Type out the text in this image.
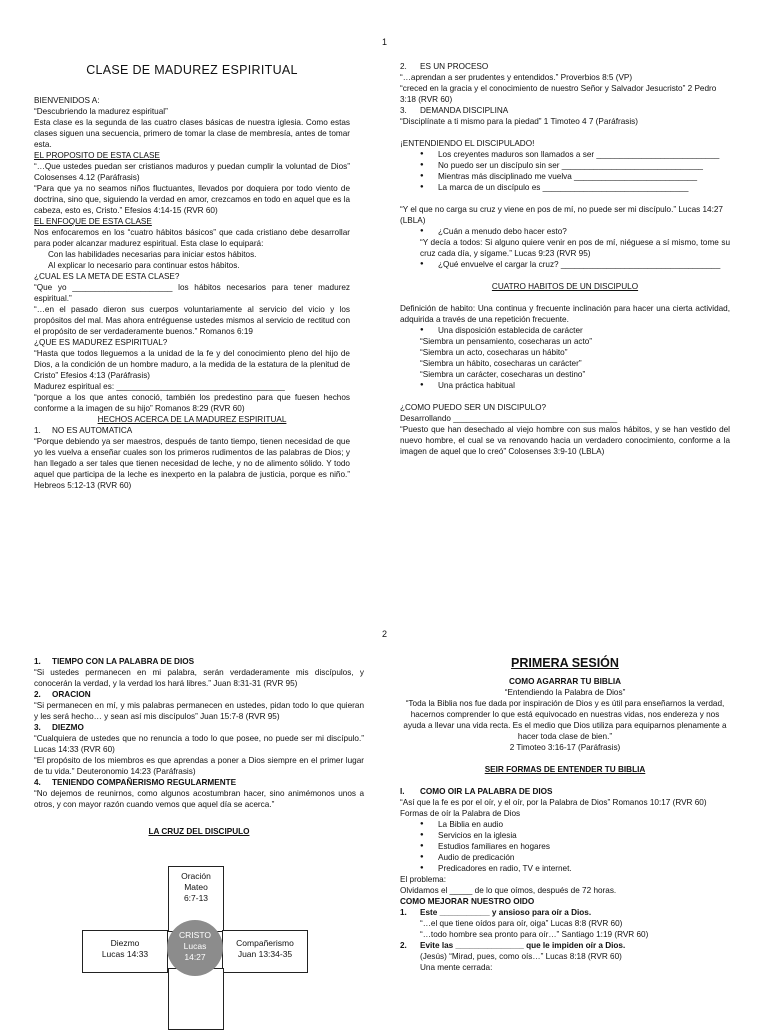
1

CLASE DE MADUREZ ESPIRITUAL

BIENVENIDOS A:

“Descubriendo la madurez espiritual”

Esta clase es la segunda de las cuatro clases básicas de nuestra iglesia. Como estas clases siguen una secuencia, primero de tomar la clase de membresía, antes de tomar esta.

EL PROPOSITO DE ESTA CLASE

“…Que ustedes puedan ser cristianos maduros y puedan cumplir la voluntad de Dios” Colosenses 4.12 (Paráfrasis)

“Para que ya no seamos niños fluctuantes, llevados por doquiera por todo viento de doctrina, sino que, siguiendo la verdad en amor, crezcamos en todo en aquel que es la cabeza, esto es, Cristo.” Efesios 4:14-15 (RVR 60)

EL ENFOQUE DE ESTA CLASE

Nos enfocaremos en los “cuatro hábitos básicos” que cada cristiano debe desarrollar para poder alcanzar madurez espiritual. Esta clase lo equipará:

Con las habilidades necesarias para iniciar estos hábitos.

Al explicar lo necesario para continuar estos hábitos.

¿CUAL ES LA META DE ESTA CLASE?

“Que yo ______________________ los hábitos necesarios para tener madurez espiritual.”

“…en el pasado dieron sus cuerpos voluntariamente al servicio del vicio y los propósitos del mal. Mas ahora entréguense ustedes mismos al servicio de rectitud con el propósito de ser verdaderamente buenos.” Romanos 6:19

¿QUE ES MADUREZ ESPIRITUAL?

“Hasta que todos lleguemos a la unidad de la fe y del conocimiento pleno del hijo de Dios, a la condición de un hombre maduro, a la medida de la estatura de la plenitud de Cristo” Efesios 4:13 (Paráfrasis)

Madurez espiritual es: _____________________________________

“porque a los que antes conoció, también los predestino para que fuesen hechos conforme a la imagen de su hijo” Romanos 8:29 (RVR 60)

HECHOS ACERCA DE LA MADUREZ ESPIRITUAL

1. NO ES AUTOMATICA

“Porque debiendo ya ser maestros, después de tanto tiempo, tienen necesidad de que yo les vuelva a enseñar cuales son los primeros rudimentos de las palabras de Dios; y han llegado a ser tales que tienen necesidad de leche, y no de alimento sólido. Y todo aquel que participa de la leche es inexperto en la palabra de justicia, porque es niño.” Hebreos 5:12-13 (RVR 60)

2. ES UN PROCESO

“…aprendan a ser prudentes y entendidos.” Proverbios 8:5 (VP)

“creced en la gracia y el conocimiento de nuestro Señor y Salvador Jesucristo” 2 Pedro 3:18 (RVR 60)

3. DEMANDA DISCIPLINA

“Disciplínate a ti mismo para la piedad” 1 Timoteo 4 7 (Paráfrasis)

¡ENTENDIENDO EL DISCIPULADO!

● Los creyentes maduros son llamados a ser ___________________________
● No puedo ser un discípulo sin ser _______________________________
● Mientras más disciplinado me vuelva ___________________________
● La marca de un discípulo es ________________________________

“Y el que no carga su cruz y viene en pos de mí, no puede ser mi discípulo.” Lucas 14:27 (LBLA)

● ¿Cuán a menudo debo hacer esto?

“Y decía a todos: Si alguno quiere venir en pos de mí, niéguese a sí mismo, tome su cruz cada día, y sígame.” Lucas 9:23 (RVR 95)

● ¿Qué envuelve el cargar la cruz? ___________________________________

CUATRO HABITOS DE UN DISCIPULO

Definición de habito: Una continua y frecuente inclinación para hacer una cierta actividad, adquirida a través de una repetición frecuente.

● Una disposición establecida de carácter

“Siembra un pensamiento, cosecharas un acto”

“Siembra un acto, cosecharas un hábito”

“Siembra un hábito, cosecharas un carácter”

“Siembra un carácter, cosecharas un destino”

● Una práctica habitual

¿COMO PUEDO SER UN DISCIPULO?

Desarrollando ____________________________________

“Puesto que han desechado al viejo hombre con sus malos hábitos, y se han vestido del nuevo hombre, el cual se va renovando hacia un verdadero conocimiento, conforme a la imagen de aquel que lo creó” Colosenses 3:9-10 (LBLA)

2

1. TIEMPO CON LA PALABRA DE DIOS

“Si ustedes permanecen en mi palabra, serán verdaderamente mis discípulos, y conocerán la verdad, y la verdad los hará libres.” Juan 8:31-31 (RVR 95)

2. ORACION

“Si permanecen en mí, y mis palabras permanecen en ustedes, pidan todo lo que quieran y les será hecho… y sean así mis discípulos” Juan 15:7-8 (RVR 95)

3. DIEZMO

“Cualquiera de ustedes que no renuncia a todo lo que posee, no puede ser mi discípulo.” Lucas 14:33 (RVR 60)

“El propósito de los miembros es que aprendas a poner a Dios siempre en el primer lugar de tu vida.” Deuteronomio 14:23 (Paráfrasis)

4. TENIENDO COMPAÑERISMO REGULARMENTE

“No dejemos de reunirnos, como algunos acostumbran hacer, sino animémonos unos a otros, y con mayor razón cuando vemos que aquel día se acerca.”

LA CRUZ DEL DISCIPULO

Oración
Mateo
6:7-13
Diezmo
Lucas 14:33
Compañerismo
Juan 13:34-35
CRISTO
Lucas
14:27

PRIMERA SESIÓN

COMO AGARRAR TU BIBLIA

“Entendiendo la Palabra de Dios”

“Toda la Biblia nos fue dada por inspiración de Dios y es útil para enseñarnos la verdad, hacernos comprender lo que está equivocado en nuestras vidas, nos endereza y nos ayuda a llevar una vida recta. Es el medio que Dios utiliza para equiparnos plenamente a hacer toda clase de bien.”

2 Timoteo 3:16-17 (Paráfrasis)

SEIR FORMAS DE ENTENDER TU BIBLIA

I. COMO OIR LA PALABRA DE DIOS

“Así que la fe es por el oír, y el oír, por la Palabra de Dios” Romanos 10:17 (RVR 60)

Formas de oír la Palabra de Dios

● La Biblia en audio
● Servicios en la iglesia
● Estudios familiares en hogares
● Audio de predicación
● Predicadores en radio, TV e internet.

El problema:

Olvidamos el _____ de lo que oímos, después de 72 horas.

COMO MEJORAR NUESTRO OIDO

1. Este ___________ y ansioso para oír a Dios.

“…el que tiene oídos para oír, oiga” Lucas 8:8 (RVR 60)

“…todo hombre sea pronto para oír…” Santiago 1:19 (RVR 60)

2. Evite las _______________ que le impiden oír a Dios.

(Jesús) “Mirad, pues, como oís…” Lucas 8:18 (RVR 60)

Una mente cerrada:
